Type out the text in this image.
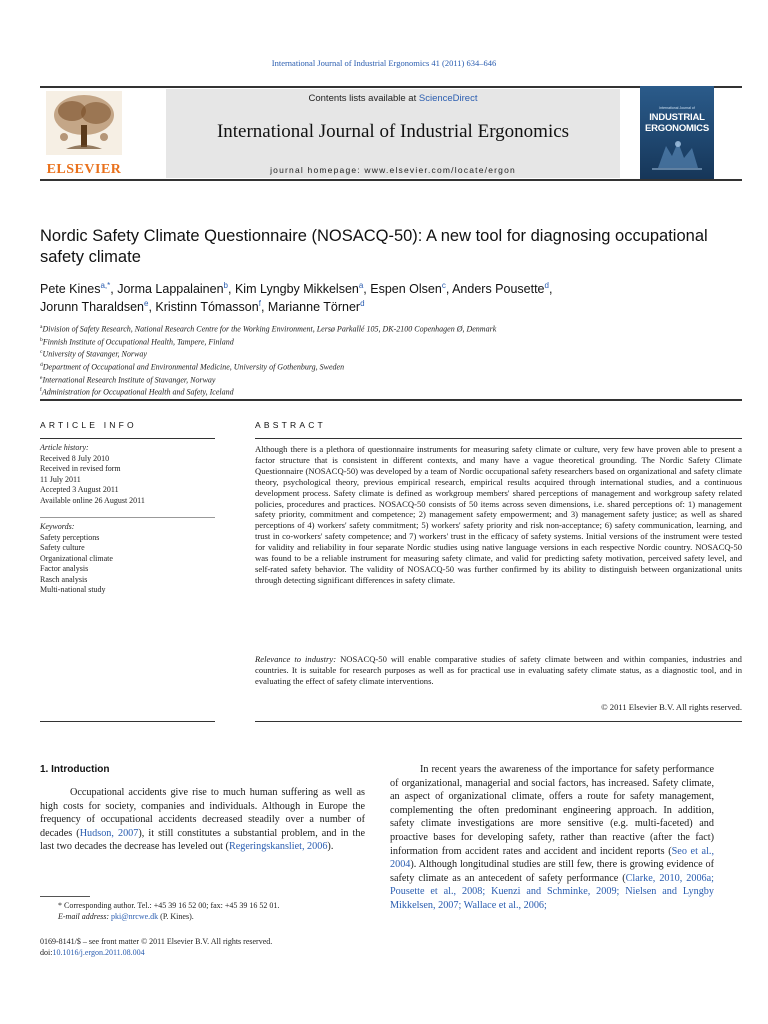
International Journal of Industrial Ergonomics 41 (2011) 634–646
ELSEVIER
Contents lists available at ScienceDirect
International Journal of Industrial Ergonomics
journal homepage: www.elsevier.com/locate/ergon
International Journal of
INDUSTRIAL
ERGONOMICS
Nordic Safety Climate Questionnaire (NOSACQ-50): A new tool for diagnosing occupational safety climate
Pete Kines$^{a,*}$, Jorma Lappalainen$^b$, Kim Lyngby Mikkelsen$^a$, Espen Olsen$^c$, Anders Pousette$^d$,
Jorunn Tharaldsen$^e$, Kristinn Tómasson$^f$, Marianne Törner$^d$
$^a$Division of Safety Research, National Research Centre for the Working Environment, Lersø Parkallé 105, DK-2100 Copenhagen Ø, Denmark
$^b$Finnish Institute of Occupational Health, Tampere, Finland
$^c$University of Stavanger, Norway
$^d$Department of Occupational and Environmental Medicine, University of Gothenburg, Sweden
$^e$International Research Institute of Stavanger, Norway
$^f$Administration for Occupational Health and Safety, Iceland
ARTICLE INFO	ABSTRACT
Article history:
Received 8 July 2010
Received in revised form
11 July 2011
Accepted 3 August 2011
Available online 26 August 2011
Keywords:
Safety perceptions
Safety culture
Organizational climate
Factor analysis
Rasch analysis
Multi-national study
Although there is a plethora of questionnaire instruments for measuring safety climate or culture, very few have proven able to present a factor structure that is consistent in different contexts, and many have a vague theoretical grounding. The Nordic Safety Climate Questionnaire (NOSACQ-50) was developed by a team of Nordic occupational safety researchers based on organizational and safety climate theory, psychological theory, previous empirical research, empirical results acquired through international studies, and a continuous development process. Safety climate is defined as workgroup members' shared perceptions of management and workgroup safety related policies, procedures and practices. NOSACQ-50 consists of 50 items across seven dimensions, i.e. shared perceptions of: 1) management safety priority, commitment and competence; 2) management safety empowerment; and 3) management safety justice; as well as shared perceptions of 4) workers' safety commitment; 5) workers' safety priority and risk non-acceptance; 6) safety communication, learning, and trust in co-workers' safety competence; and 7) workers' trust in the efficacy of safety systems. Initial versions of the instrument were tested for validity and reliability in four separate Nordic studies using native language versions in each respective Nordic country. NOSACQ-50 was found to be a reliable instrument for measuring safety climate, and valid for predicting safety motivation, perceived safety level, and self-rated safety behavior. The validity of NOSACQ-50 was further confirmed by its ability to distinguish between organizational units through detecting significant differences in safety climate.
Relevance to industry: NOSACQ-50 will enable comparative studies of safety climate between and within companies, industries and countries. It is suitable for research purposes as well as for practical use in evaluating safety climate status, as a diagnostic tool, and in evaluating the effect of safety climate interventions.
© 2011 Elsevier B.V. All rights reserved.
1. Introduction
Occupational accidents give rise to much human suffering as well as high costs for society, companies and individuals. Although in Europe the frequency of occupational accidents decreased steadily over a number of decades (Hudson, 2007), it still constitutes a substantial problem, and in the last two decades the decrease has leveled out (Regeringskansliet, 2006).
* Corresponding author. Tel.: +45 39 16 52 00; fax: +45 39 16 52 01.
E-mail address: pki@nrcwe.dk (P. Kines).
0169-8141/$ – see front matter © 2011 Elsevier B.V. All rights reserved.
doi:10.1016/j.ergon.2011.08.004
In recent years the awareness of the importance for safety performance of organizational, managerial and social factors, has increased. Safety climate, an aspect of organizational climate, offers a route for safety management, complementing the often predominant engineering approach. In addition, safety climate investigations are more sensitive (e.g. multi-faceted) and proactive bases for developing safety, rather than reactive (after the fact) information from accident rates and accident and incident reports (Seo et al., 2004). Although longitudinal studies are still few, there is growing evidence of safety climate as an antecedent of safety performance (Clarke, 2010, 2006a; Pousette et al., 2008; Kuenzi and Schminke, 2009; Nielsen and Lyngby Mikkelsen, 2007; Wallace et al., 2006;
